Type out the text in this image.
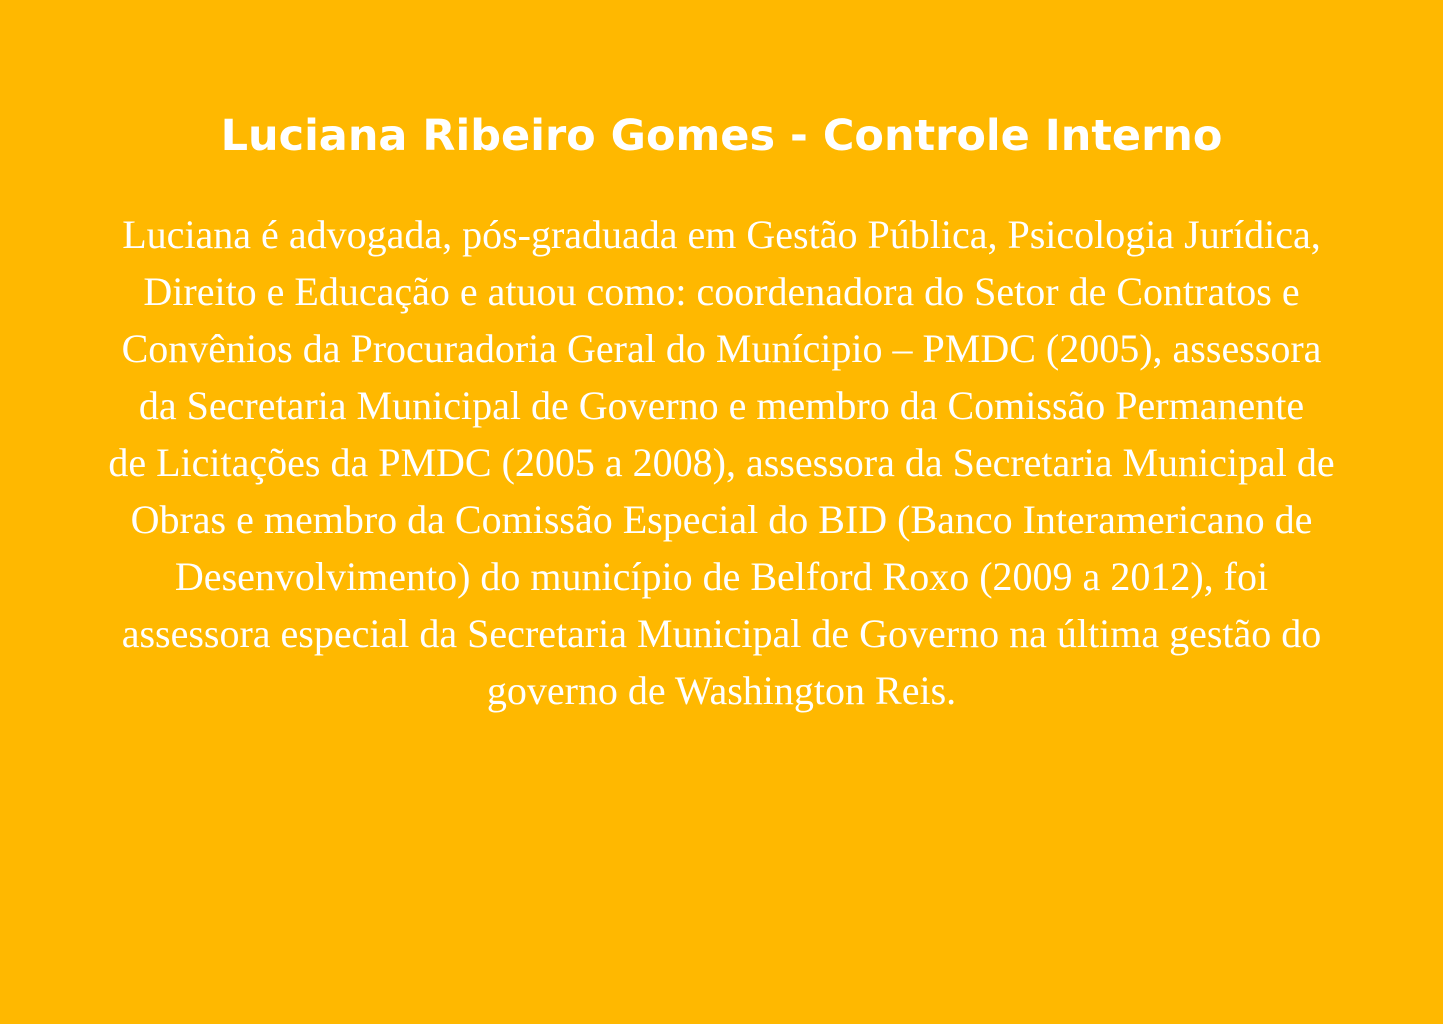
Luciana Ribeiro Gomes - Controle Interno

Luciana é advogada, pós-graduada em Gestão Pública, Psicologia Jurídica,
Direito e Educação e atuou como: coordenadora do Setor de Contratos e
Convênios da Procuradoria Geral do Munícipio – PMDC (2005), assessora
da Secretaria Municipal de Governo e membro da Comissão Permanente
de Licitações da PMDC (2005 a 2008), assessora da Secretaria Municipal de
Obras e membro da Comissão Especial do BID (Banco Interamericano de
Desenvolvimento) do município de Belford Roxo (2009 a 2012), foi
assessora especial da Secretaria Municipal de Governo na última gestão do
governo de Washington Reis.
